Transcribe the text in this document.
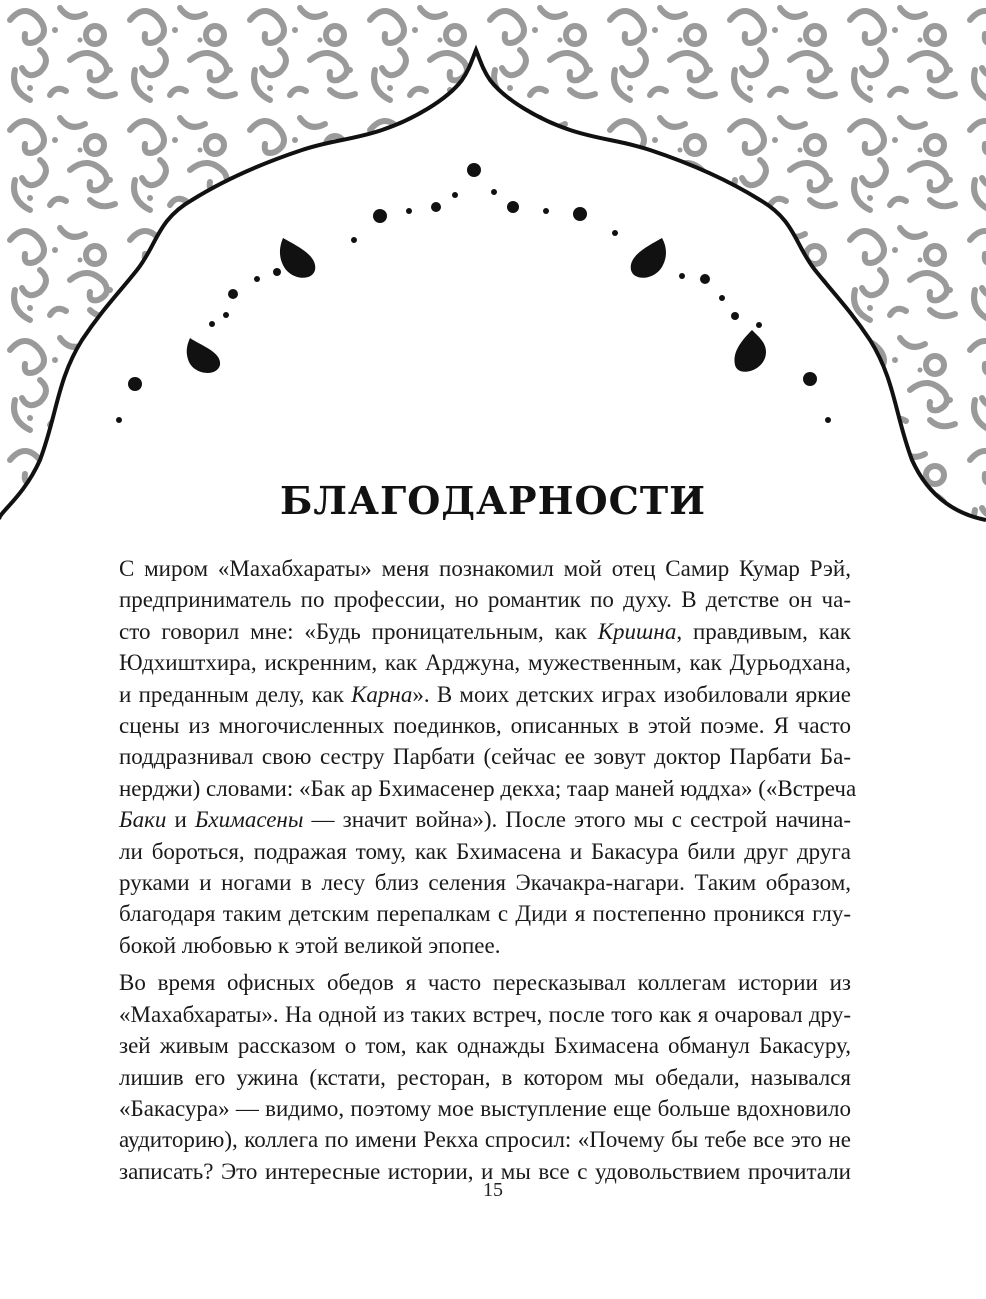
БЛАГОДАРНОСТИ
С миром «Махабхараты» меня познакомил мой отец Самир Кумар Рэй,
предприниматель по профессии, но романтик по духу. В детстве он ча-
сто говорил мне: «Будь проницательным, как Кришна, правдивым, как
Юдхиштхира, искренним, как Арджуна, мужественным, как Дурьодхана,
и преданным делу, как Карна». В моих детских играх изобиловали яркие
сцены из многочисленных поединков, описанных в этой поэме. Я часто
поддразнивал свою сестру Парбати (сейчас ее зовут доктор Парбати Ба-
нерджи) словами: «Бак ар Бхимасенер декха; таар маней юддха» («Встреча
Баки и Бхимасены — значит война»). После этого мы с сестрой начина-
ли бороться, подражая тому, как Бхимасена и Бакасура били друг друга
руками и ногами в лесу близ селения Экачакра-нагари. Таким образом,
благодаря таким детским перепалкам с Диди я постепенно проникся глу-
бокой любовью к этой великой эпопее.
Во время офисных обедов я часто пересказывал коллегам истории из
«Махабхараты». На одной из таких встреч, после того как я очаровал дру-
зей живым рассказом о том, как однажды Бхимасена обманул Бакасуру,
лишив его ужина (кстати, ресторан, в котором мы обедали, назывался
«Бакасура» — видимо, поэтому мое выступление еще больше вдохновило
аудиторию), коллега по имени Рекха спросил: «Почему бы тебе все это не
записать? Это интересные истории, и мы все с удовольствием прочитали
15
